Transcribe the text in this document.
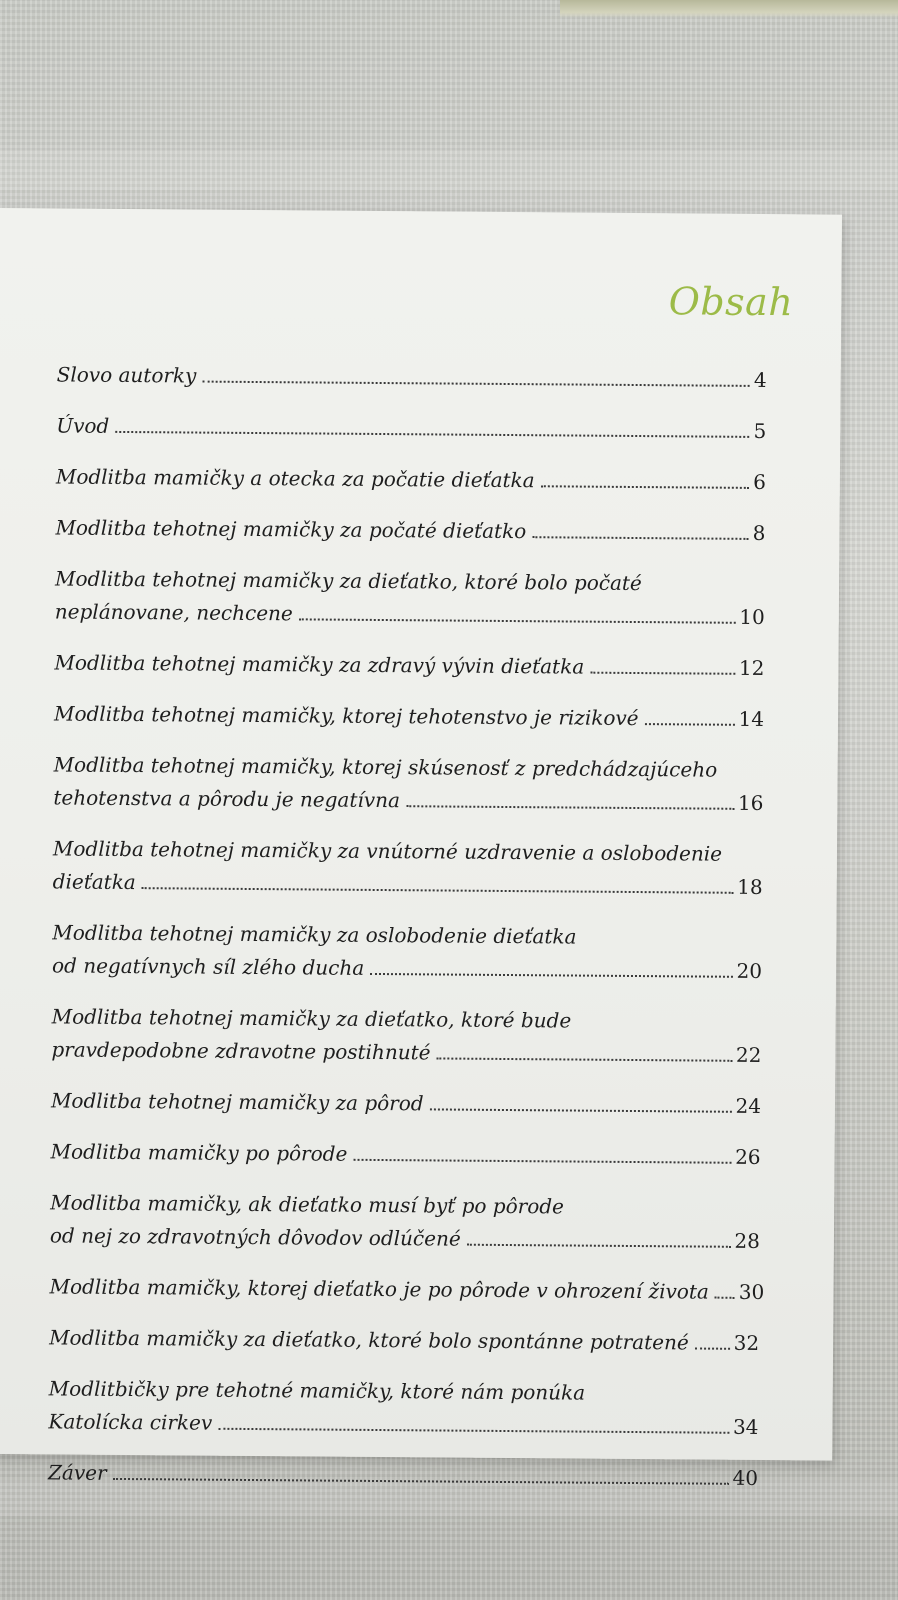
Obsah
Slovo autorky	4
Úvod	5
Modlitba mamičky a otecka za počatie dieťatka	6
Modlitba tehotnej mamičky za počaté dieťatko	8
Modlitba tehotnej mamičky za dieťatko, ktoré bolo počaté
neplánovane, nechcene	10
Modlitba tehotnej mamičky za zdravý vývin dieťatka	12
Modlitba tehotnej mamičky, ktorej tehotenstvo je rizikové	14
Modlitba tehotnej mamičky, ktorej skúsenosť z predchádzajúceho
tehotenstva a pôrodu je negatívna	16
Modlitba tehotnej mamičky za vnútorné uzdravenie a oslobodenie
dieťatka	18
Modlitba tehotnej mamičky za oslobodenie dieťatka
od negatívnych síl zlého ducha	20
Modlitba tehotnej mamičky za dieťatko, ktoré bude
pravdepodobne zdravotne postihnuté	22
Modlitba tehotnej mamičky za pôrod	24
Modlitba mamičky po pôrode	26
Modlitba mamičky, ak dieťatko musí byť po pôrode
od nej zo zdravotných dôvodov odlúčené	28
Modlitba mamičky, ktorej dieťatko je po pôrode v ohrození života 30
Modlitba mamičky za dieťatko, ktoré bolo spontánne potratené 32
Modlitbičky pre tehotné mamičky, ktoré nám ponúka
Katolícka cirkev	34
Záver	40
